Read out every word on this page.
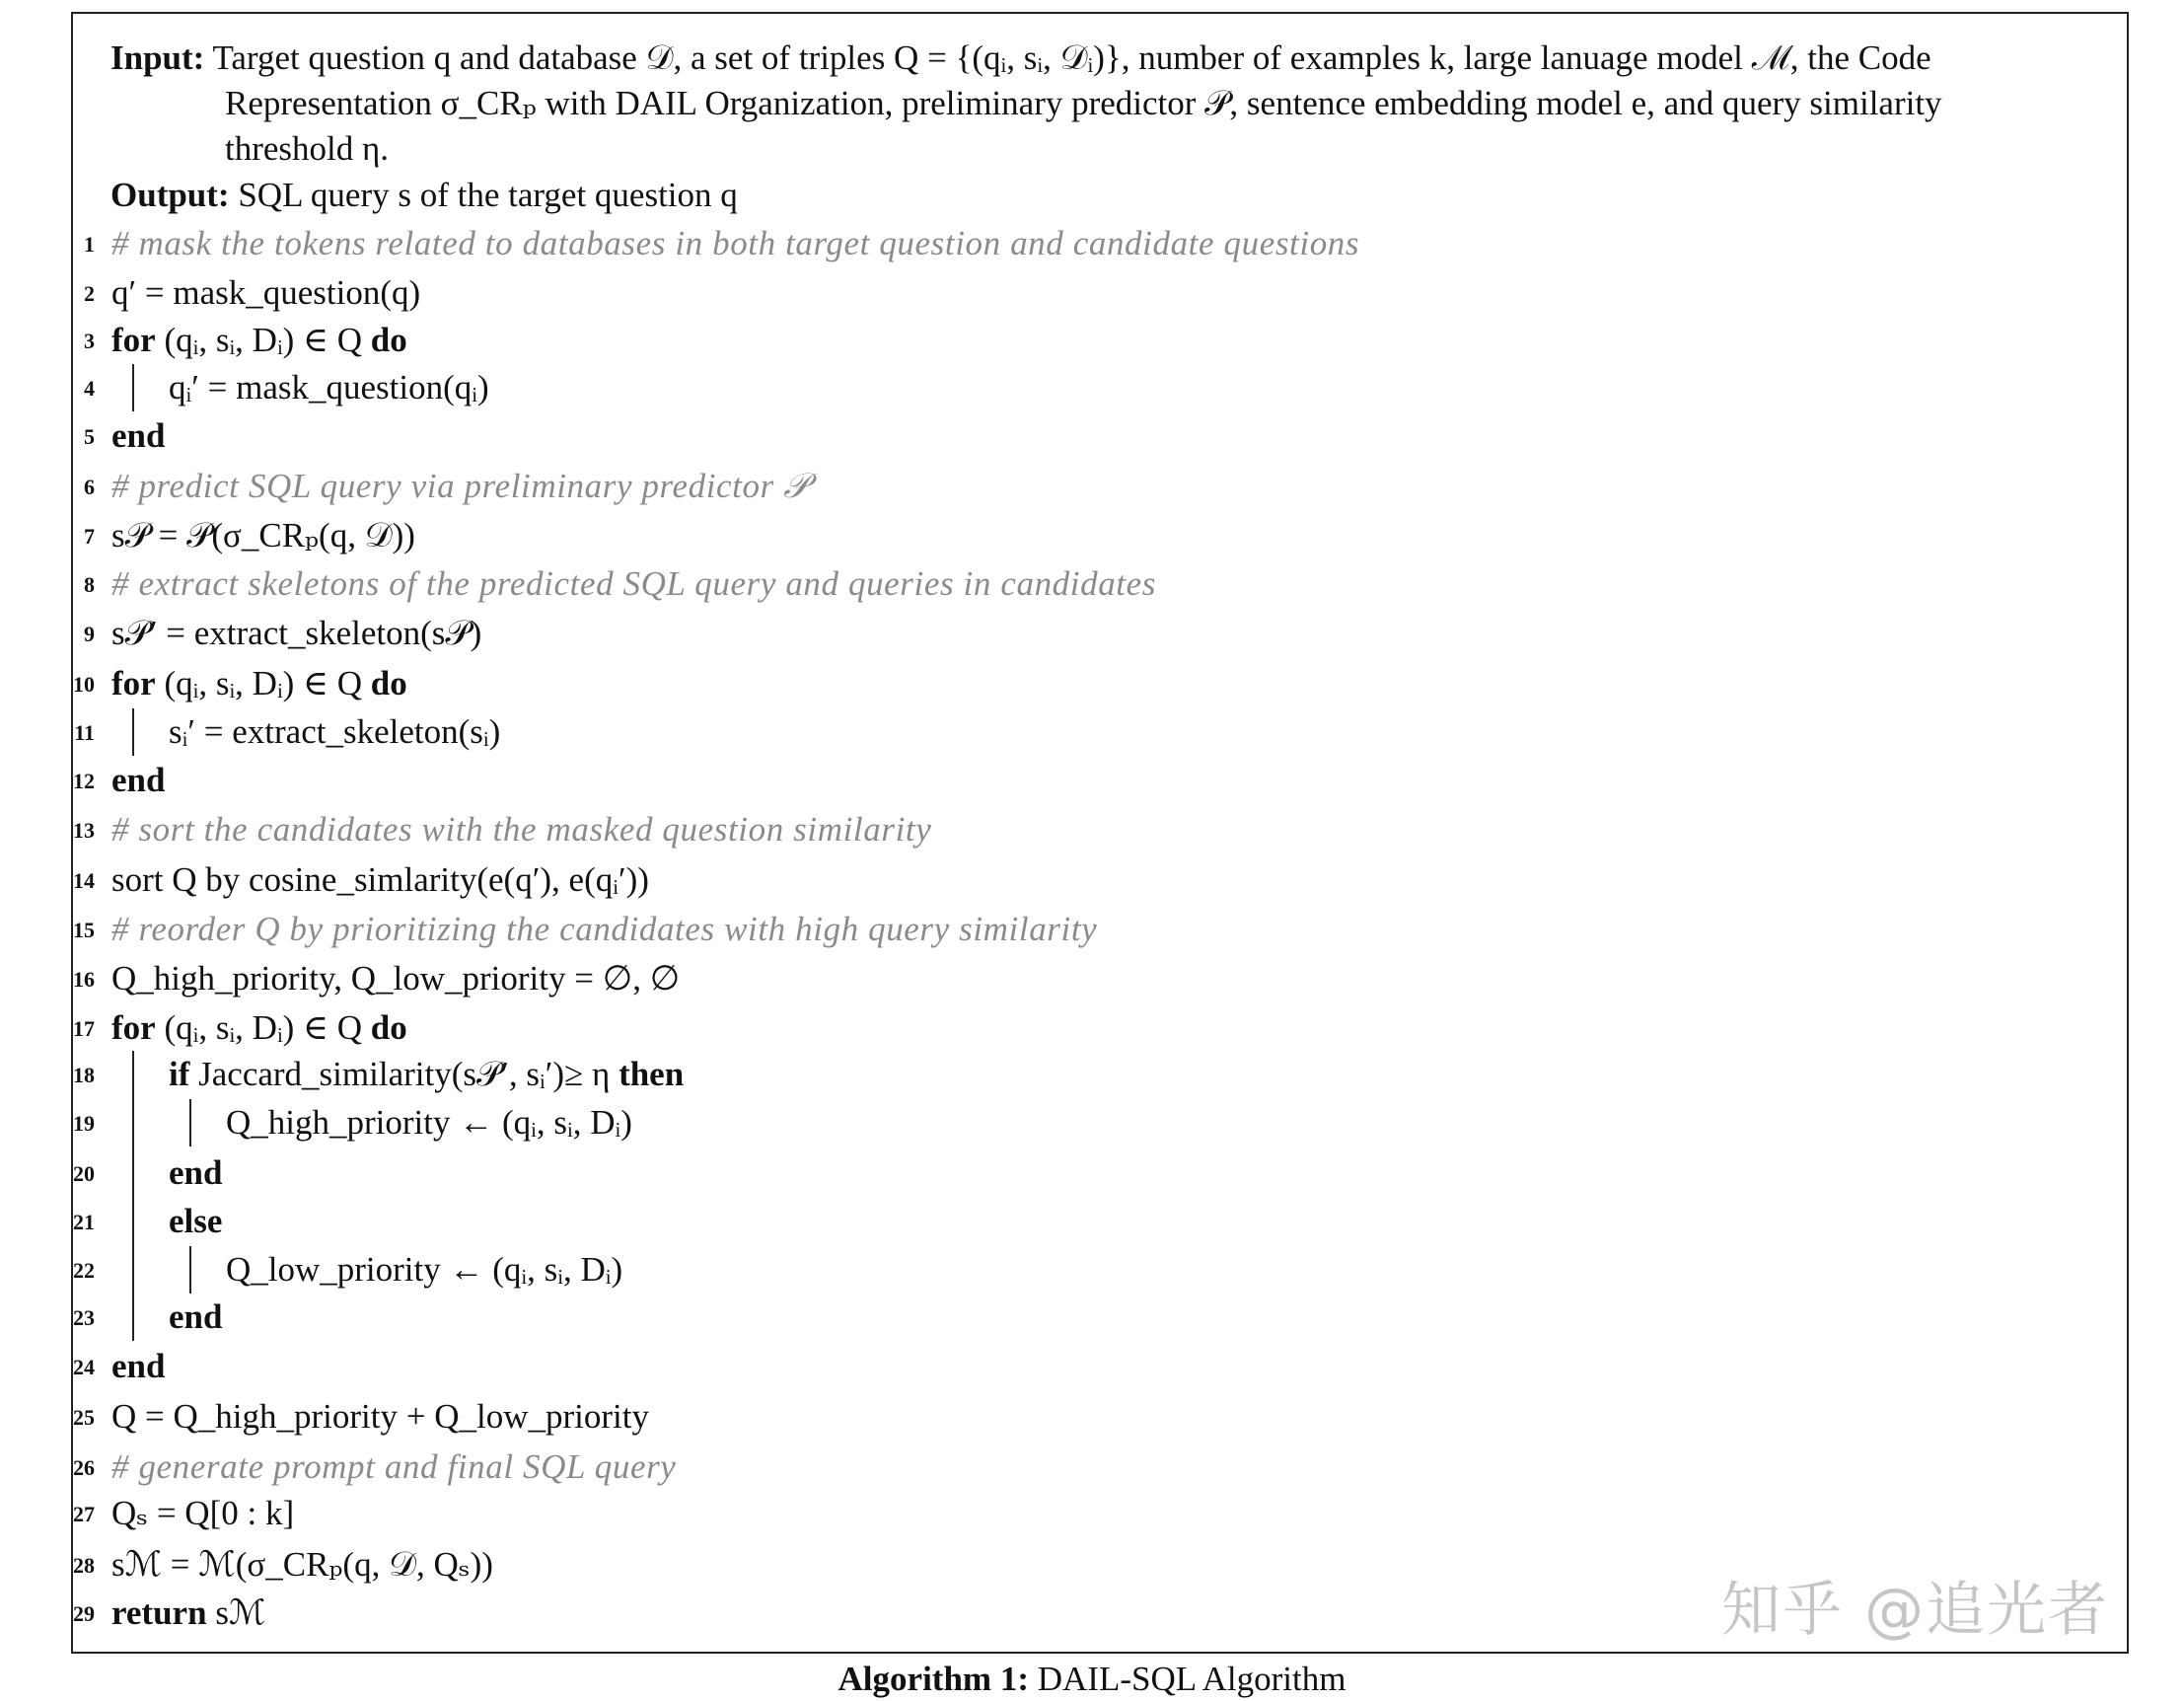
Input: Target question q and database 𝒟, a set of triples Q = {(qᵢ, sᵢ, 𝒟ᵢ)}, number of examples k, large lanuage model ℳ, the Code
Representation σ_CRₚ with DAIL Organization, preliminary predictor 𝒫, sentence embedding model e, and query similarity
threshold η.
Output: SQL query s of the target question q
1 # mask the tokens related to databases in both target question and candidate questions
2 q′ = mask_question(q)
3 for (qᵢ, sᵢ, Dᵢ) ∈ Q do
4 qᵢ′ = mask_question(qᵢ)
5 end
6 # predict SQL query via preliminary predictor 𝒫
7 s𝒫 = 𝒫(σ_CRₚ(q, 𝒟))
8 # extract skeletons of the predicted SQL query and queries in candidates
9 s𝒫′ = extract_skeleton(s𝒫)
10 for (qᵢ, sᵢ, Dᵢ) ∈ Q do
11 sᵢ′ = extract_skeleton(sᵢ)
12 end
13 # sort the candidates with the masked question similarity
14 sort Q by cosine_simlarity(e(q′), e(qᵢ′))
15 # reorder Q by prioritizing the candidates with high query similarity
16 Q_high_priority, Q_low_priority = ∅, ∅
17 for (qᵢ, sᵢ, Dᵢ) ∈ Q do
18 if Jaccard_similarity(s𝒫′, sᵢ′)≥ η then
19	Q_high_priority ← (qᵢ, sᵢ, Dᵢ)
20 end
21 else
22	Q_low_priority ← (qᵢ, sᵢ, Dᵢ)
23 end
24 end
25 Q = Q_high_priority + Q_low_priority
26 # generate prompt and final SQL query
27 Qₛ = Q[0 : k]
28 sℳ = ℳ(σ_CRₚ(q, 𝒟, Qₛ))
29 return sℳ
Algorithm 1: DAIL-SQL Algorithm
知乎 @追光者
